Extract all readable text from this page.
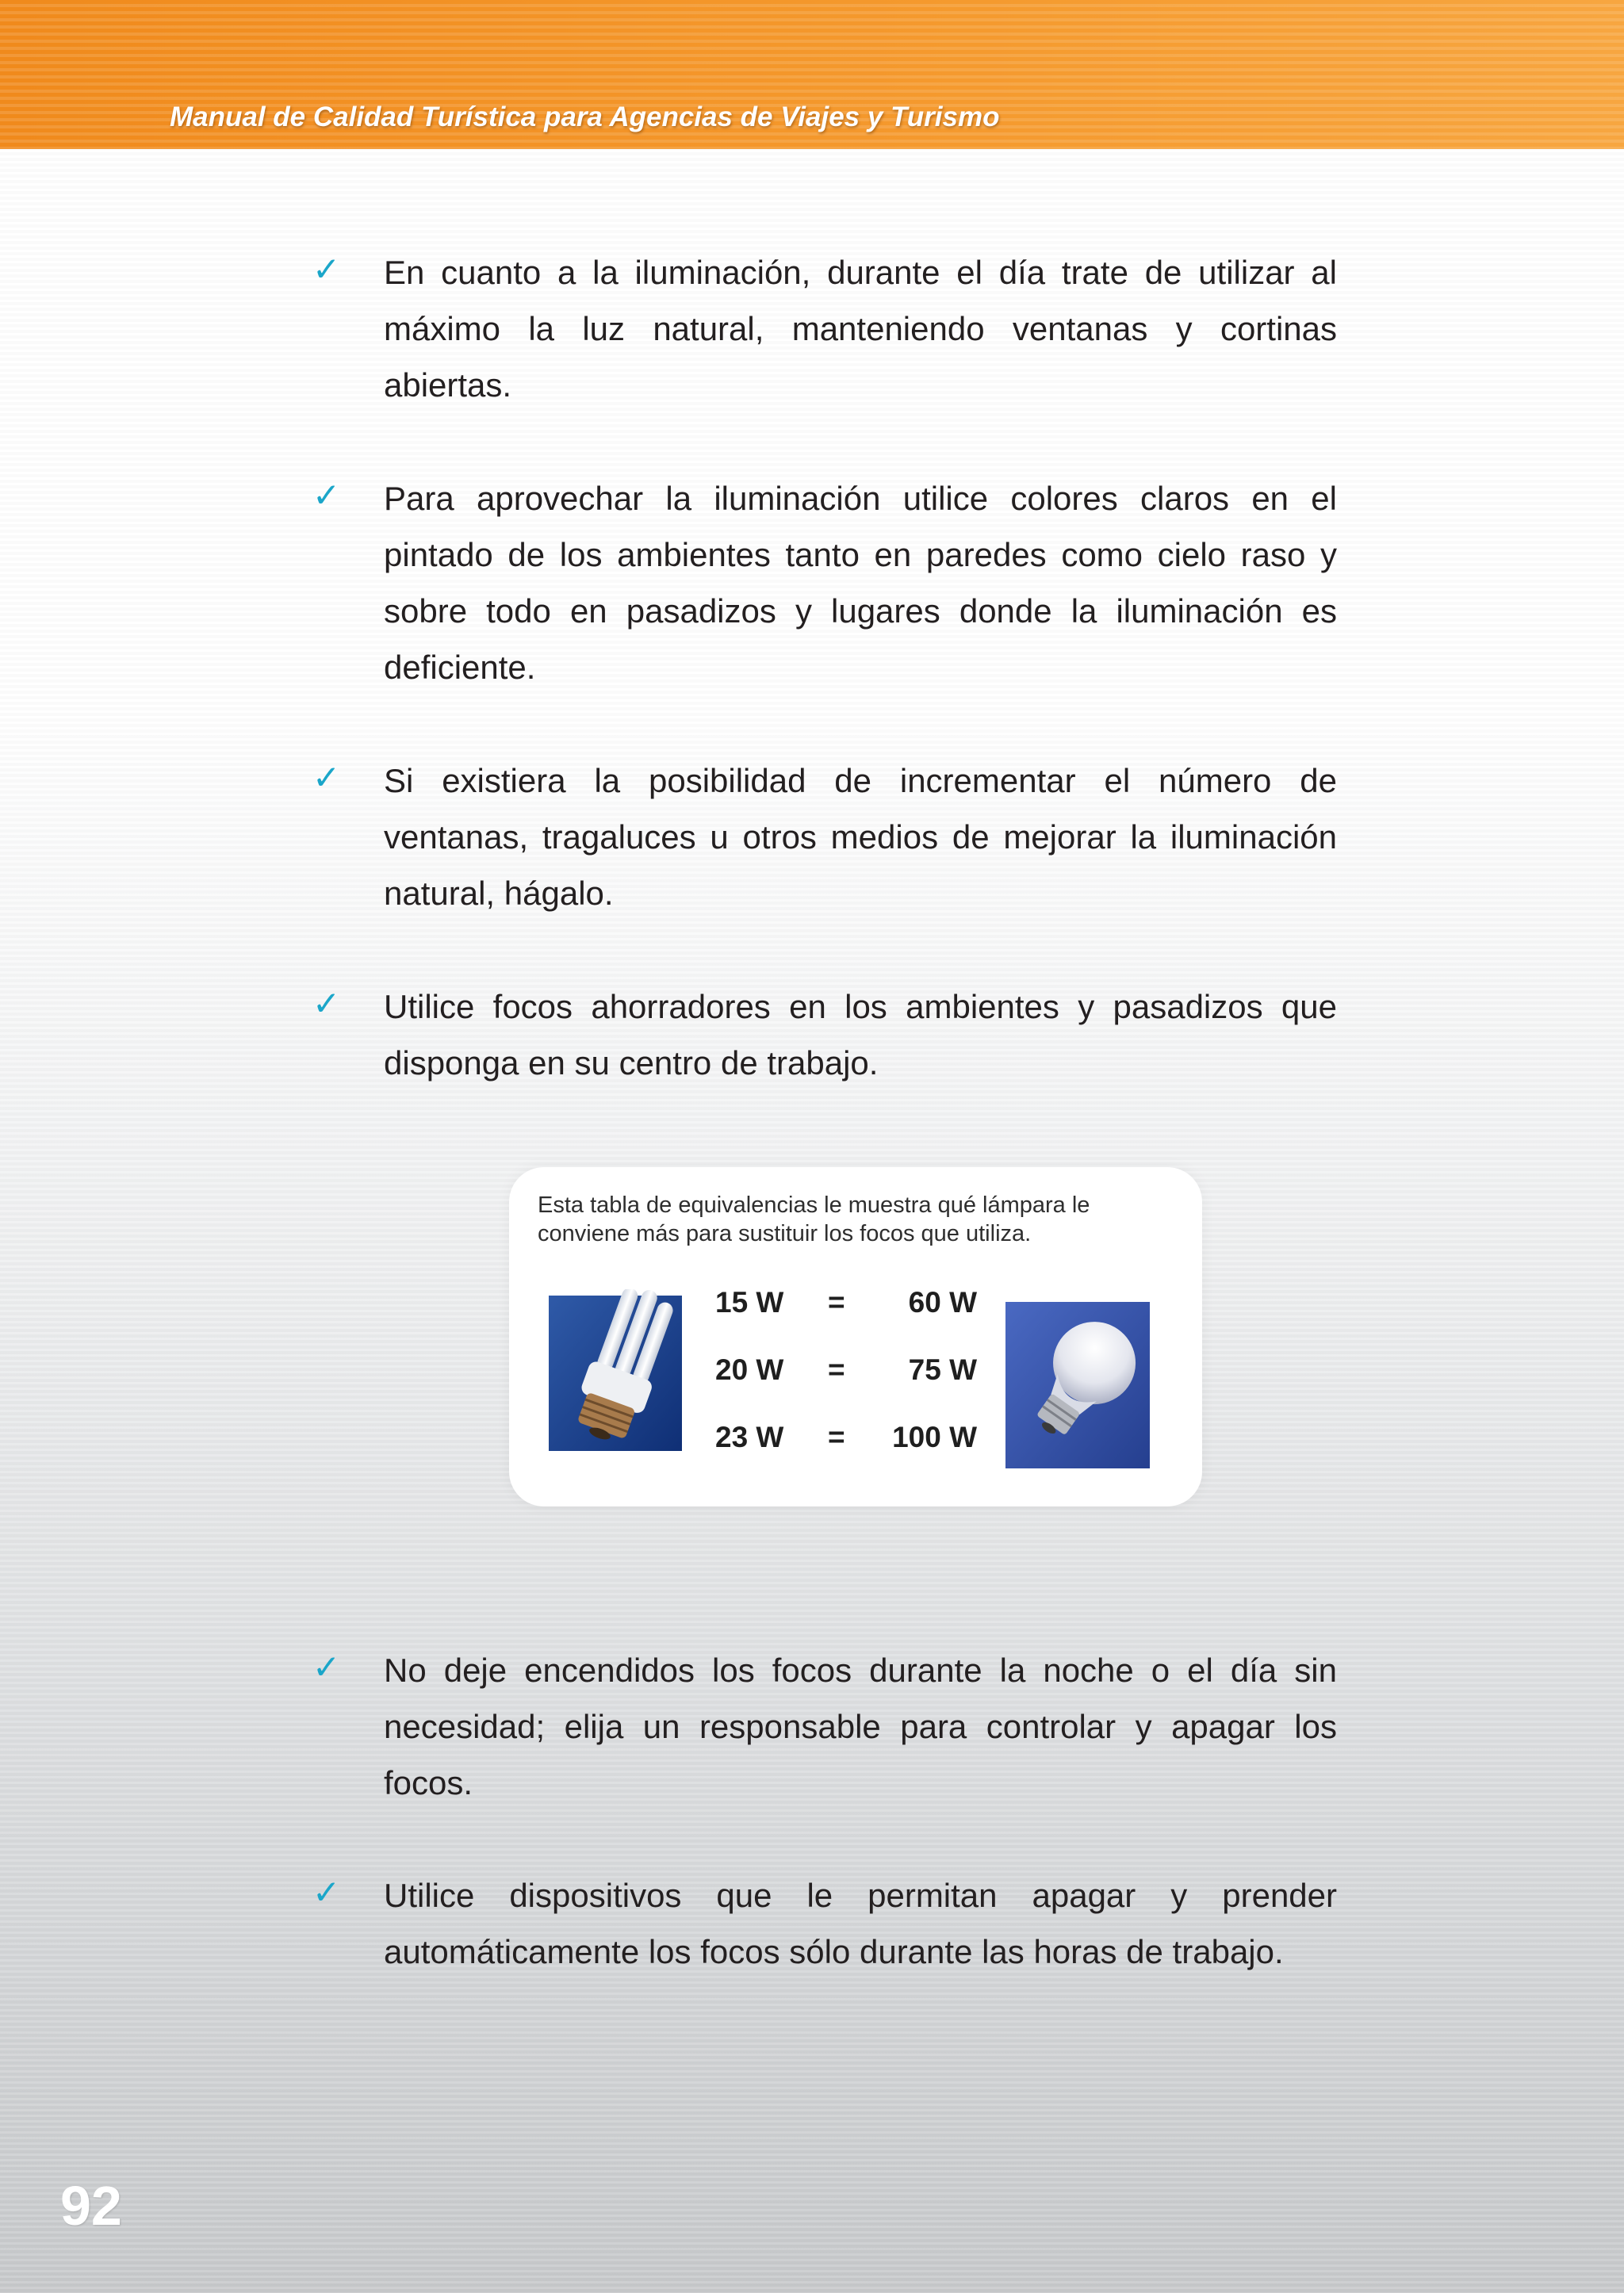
Manual de Calidad Turística para Agencias de Viajes y Turismo
✓ En cuanto a la iluminación, durante el día trate de utilizar al máximo la luz natural, manteniendo ventanas y cortinas abiertas.
✓ Para aprovechar la iluminación utilice colores claros en el pintado de los ambientes tanto en paredes como cielo raso y sobre todo en pasadizos y lugares donde la iluminación es deficiente.
✓ Si existiera la posibilidad de incrementar el número de ventanas, tragaluces u otros medios de mejorar la iluminación natural, hágalo.
✓ Utilice focos ahorradores en los ambientes y pasadizos que disponga en su centro de trabajo.
Esta tabla de equivalencias le muestra qué lámpara le conviene más para sustituir los focos que utiliza.
15 W = 60 W
20 W = 75 W
23 W = 100 W
✓ No deje encendidos los focos durante la noche o el día sin necesidad; elija un responsable para controlar y apagar los focos.
✓ Utilice dispositivos que le permitan apagar y prender automáticamente los focos sólo durante las horas de trabajo.
92
